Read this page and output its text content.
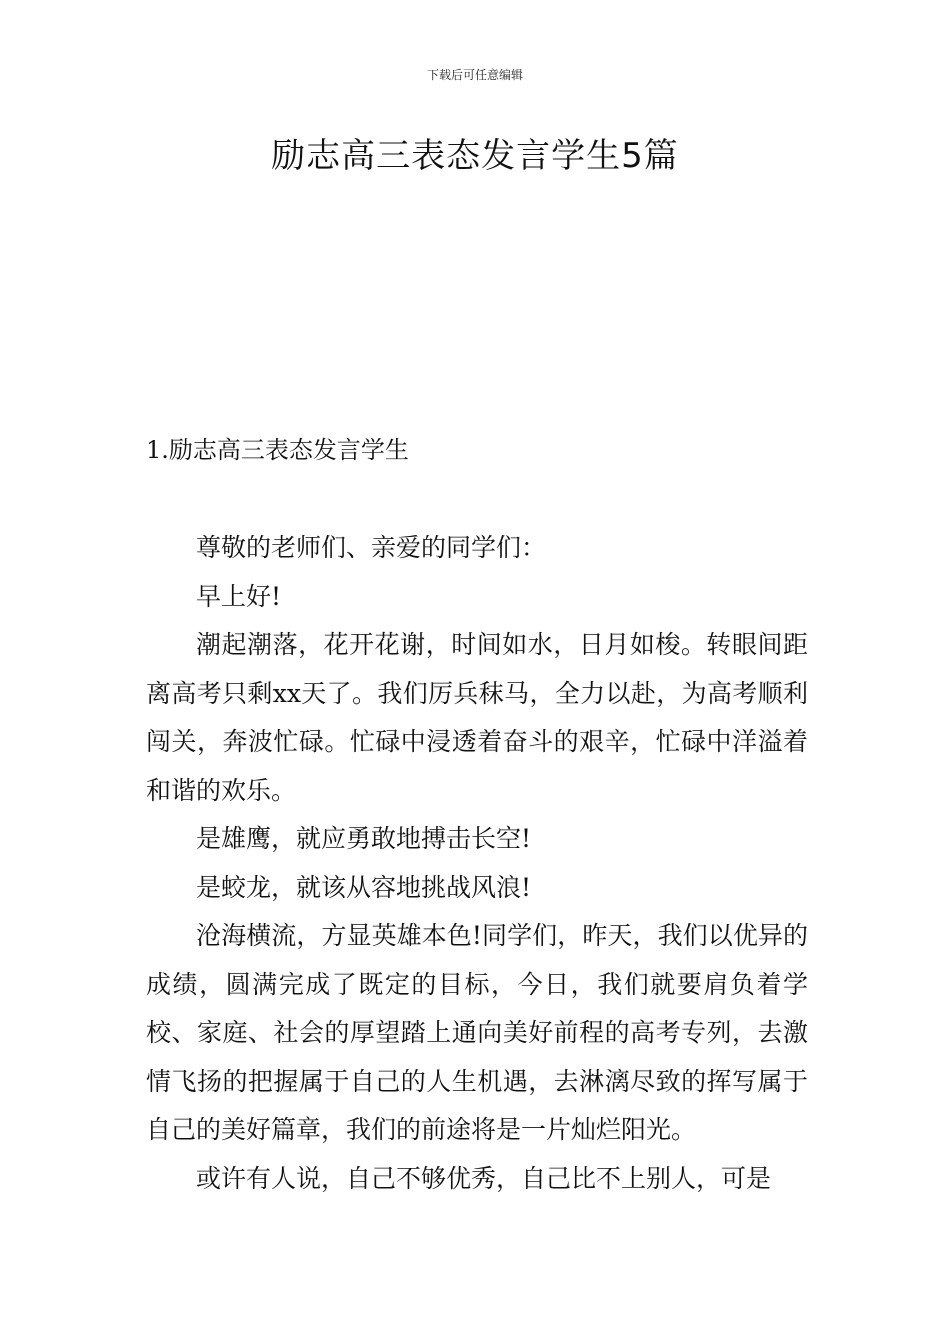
下载后可任意编辑
励志高三表态发言学生5篇
1.励志高三表态发言学生

尊敬的老师们、亲爱的同学们：

早上好!

潮起潮落，花开花谢，时间如水，日月如梭。转眼间距离高考只剩xx天了。我们厉兵秣马，全力以赴，为高考顺利闯关，奔波忙碌。忙碌中浸透着奋斗的艰辛，忙碌中洋溢着和谐的欢乐。

是雄鹰，就应勇敢地搏击长空!

是蛟龙，就该从容地挑战风浪!

沧海横流，方显英雄本色!同学们，昨天，我们以优异的成绩，圆满完成了既定的目标，今日，我们就要肩负着学校、家庭、社会的厚望踏上通向美好前程的高考专列，去激情飞扬的把握属于自己的人生机遇，去淋漓尽致的挥写属于自己的美好篇章，我们的前途将是一片灿烂阳光。

或许有人说，自己不够优秀，自己比不上别人，可是
